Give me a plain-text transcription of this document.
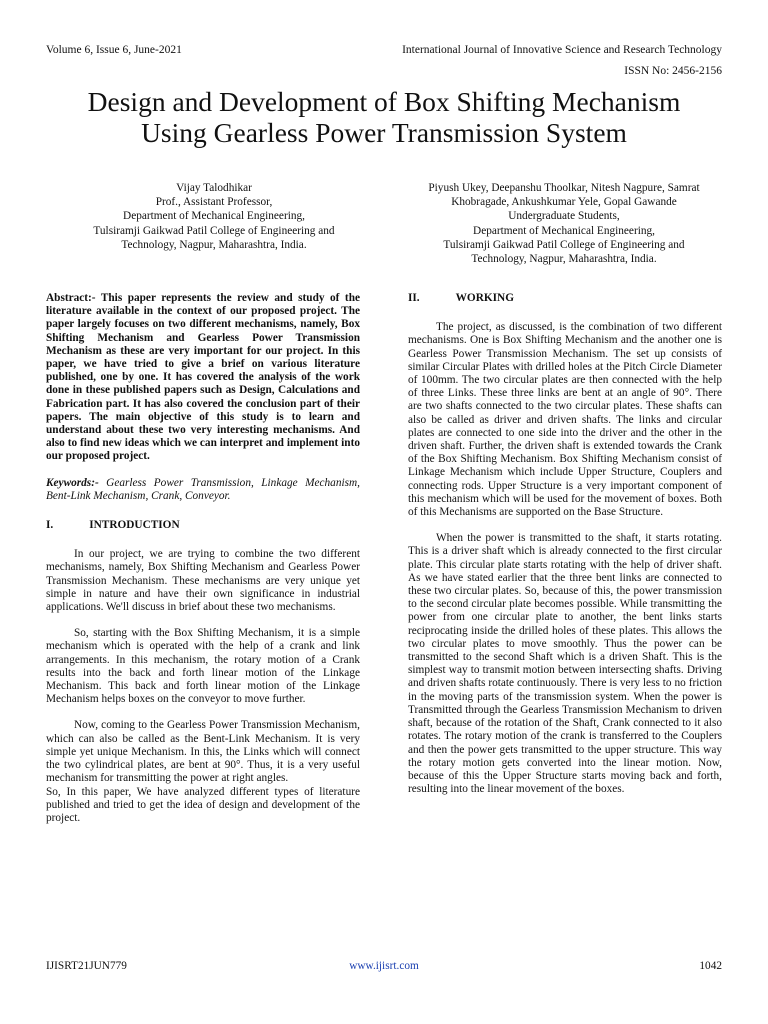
Volume 6, Issue 6, June-2021	International Journal of Innovative Science and Research Technology
ISSN No: 2456-2156
Design and Development of Box Shifting Mechanism
Using Gearless Power Transmission System
Vijay Talodhikar
Prof., Assistant Professor,
Department of Mechanical Engineering,
Tulsiramji Gaikwad Patil College of Engineering and
Technology, Nagpur, Maharashtra, India.
Piyush Ukey, Deepanshu Thoolkar, Nitesh Nagpure, Samrat
Khobragade, Ankushkumar Yele, Gopal Gawande
Undergraduate Students,
Department of Mechanical Engineering,
Tulsiramji Gaikwad Patil College of Engineering and
Technology, Nagpur, Maharashtra, India.

Abstract:- This paper represents the review and study of the literature available in the context of our proposed project. The paper largely focuses on two different mechanisms, namely, Box Shifting Mechanism and Gearless Power Transmission Mechanism as these are very important for our project. In this paper, we have tried to give a brief on various literature published, one by one. It has covered the analysis of the work done in these published papers such as Design, Calculations and Fabrication part. It has also covered the conclusion part of their papers. The main objective of this study is to learn and understand about these two very interesting mechanisms. And also to find new ideas which we can interpret and implement into our proposed project.

Keywords:- Gearless Power Transmission, Linkage Mechanism, Bent-Link Mechanism, Crank, Conveyor.

I.	INTRODUCTION

In our project, we are trying to combine the two different mechanisms, namely, Box Shifting Mechanism and Gearless Power Transmission Mechanism. These mechanisms are very unique yet simple in nature and have their own significance in industrial applications. We'll discuss in brief about these two mechanisms.

So, starting with the Box Shifting Mechanism, it is a simple mechanism which is operated with the help of a crank and link arrangements. In this mechanism, the rotary motion of a Crank results into the back and forth linear motion of the Linkage Mechanism. This back and forth linear motion of the Linkage Mechanism helps boxes on the conveyor to move further.

Now, coming to the Gearless Power Transmission Mechanism, which can also be called as the Bent-Link Mechanism. It is very simple yet unique Mechanism. In this, the Links which will connect the two cylindrical plates, are bent at 90°. Thus, it is a very useful mechanism for transmitting the power at right angles.

So, In this paper, We have analyzed different types of literature published and tried to get the idea of design and development of the project.

II.	WORKING

The project, as discussed, is the combination of two different mechanisms. One is Box Shifting Mechanism and the another one is Gearless Power Transmission Mechanism. The set up consists of similar Circular Plates with drilled holes at the Pitch Circle Diameter of 100mm. The two circular plates are then connected with the help of three Links. These three links are bent at an angle of 90°. There are two shafts connected to the two circular plates. These shafts can also be called as driver and driven shafts. The links and circular plates are connected to one side into the driver and the other in the driven shaft. Further, the driven shaft is extended towards the Crank of the Box Shifting Mechanism. Box Shifting Mechanism consist of Linkage Mechanism which include Upper Structure, Couplers and connecting rods. Upper Structure is a very important component of this mechanism which will be used for the movement of boxes. Both of this Mechanisms are supported on the Base Structure.

When the power is transmitted to the shaft, it starts rotating. This is a driver shaft which is already connected to the first circular plate. This circular plate starts rotating with the help of driver shaft. As we have stated earlier that the three bent links are connected to these two circular plates. So, because of this, the power transmission to the second circular plate becomes possible. While transmitting the power from one circular plate to another, the bent links starts reciprocating inside the drilled holes of these plates. This allows the two circular plates to move smoothly. Thus the power can be transmitted to the second Shaft which is a driven Shaft. This is the simplest way to transmit motion between intersecting shafts. Driving and driven shafts rotate continuously. There is very less to no friction in the moving parts of the transmission system. When the power is Transmitted through the Gearless Transmission Mechanism to driven shaft, because of the rotation of the Shaft, Crank connected to it also rotates. The rotary motion of the crank is transferred to the Couplers and then the power gets transmitted to the upper structure. This way the rotary motion gets converted into the linear motion. Now, because of this the Upper Structure starts moving back and forth, resulting into the linear movement of the boxes.

IJISRT21JUN779	www.ijisrt.com	1042
